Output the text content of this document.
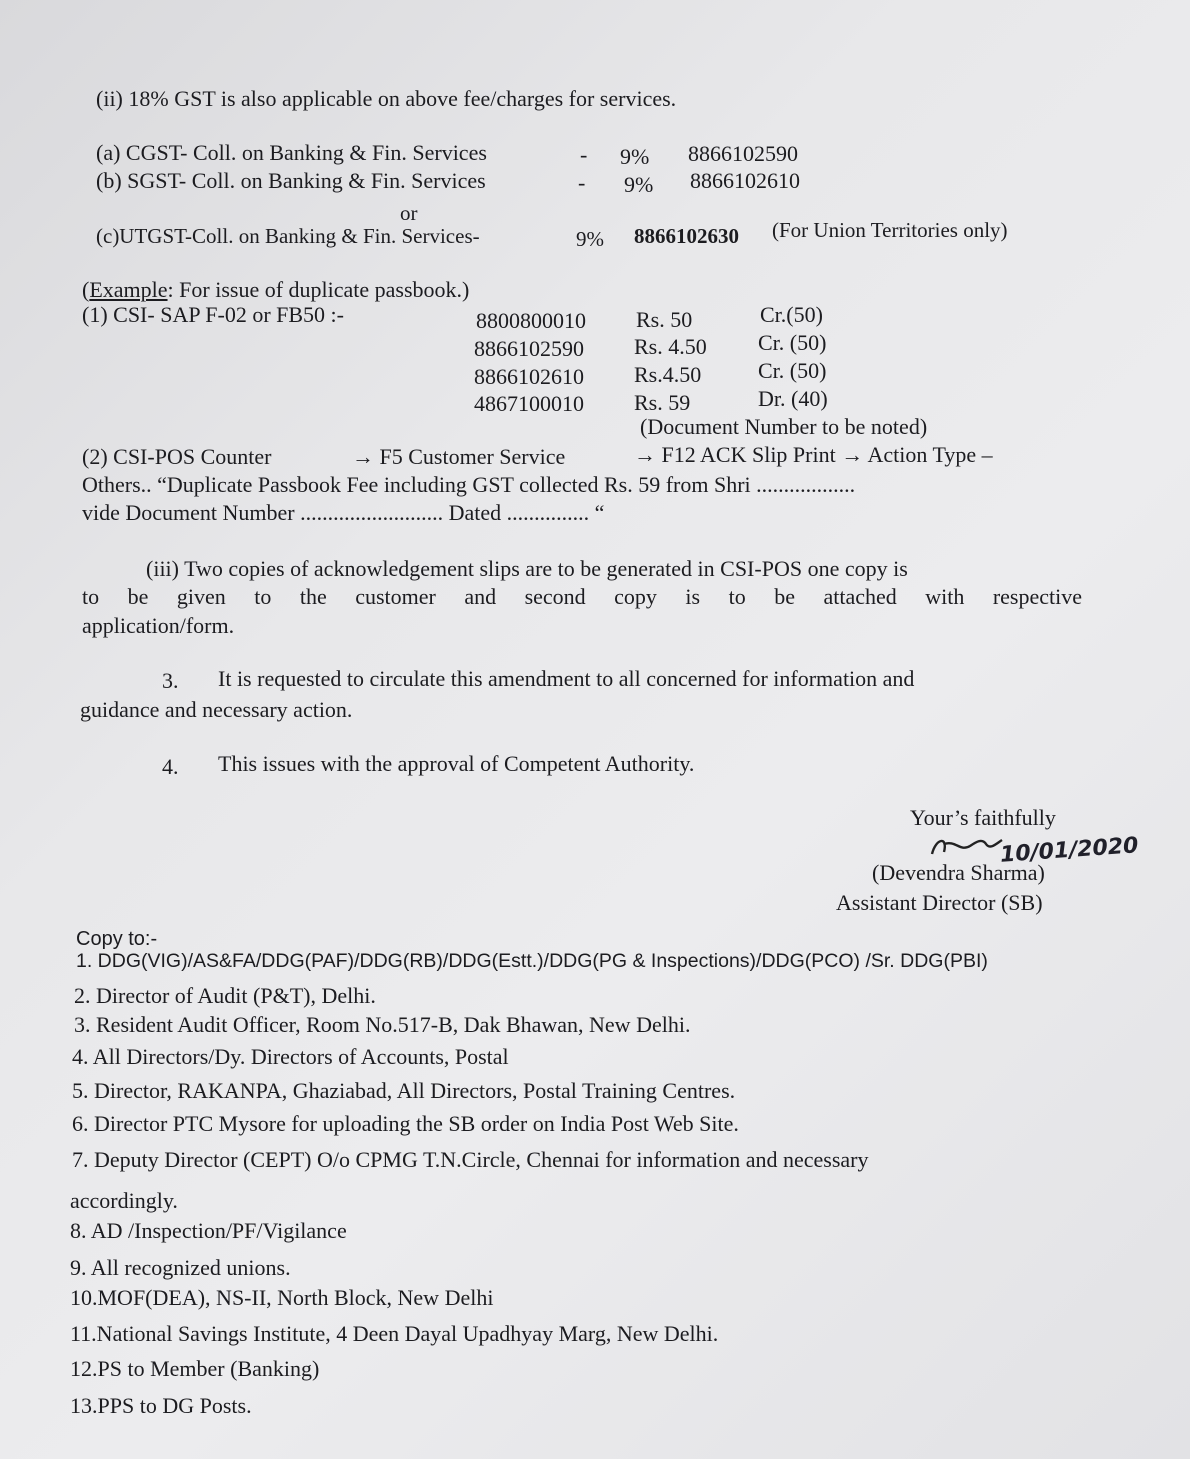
(ii) 18% GST is also applicable on above fee/charges for services.
(a) CGST- Coll. on Banking & Fin. Services	- 9% 8866102590
(b) SGST- Coll. on Banking & Fin. Services	- 9% 8866102610
or
(c)UTGST-Coll. on Banking & Fin. Services-	9% 8866102630 (For Union Territories only)
(Example: For issue of duplicate passbook.)
(1) CSI- SAP F-02 or FB50 :-	8800800010 Rs. 50	Cr.(50)
8866102590 Rs. 4.50 Cr. (50)
8866102610 Rs.4.50	Cr. (50)
4867100010 Rs. 59	Dr. (40)
(Document Number to be noted)
(2) CSI-POS Counter	→ F5 Customer Service	→ F12 ACK Slip Print → Action Type –
Others.. “Duplicate Passbook Fee including GST collected Rs. 59 from Shri ..................
vide Document Number .......................... Dated ............... “
(iii) Two copies of acknowledgement slips are to be generated in CSI-POS one copy is
to be given to the customer and second copy is to be attached with respective
application/form.
3. It is requested to circulate this amendment to all concerned for information and
guidance and necessary action.
4. This issues with the approval of Competent Authority.
Your’s faithfully
10/01/2020
(Devendra Sharma)
Assistant Director (SB)
Copy to:-
1. DDG(VIG)/AS&FA/DDG(PAF)/DDG(RB)/DDG(Estt.)/DDG(PG & Inspections)/DDG(PCO) /Sr. DDG(PBI)
2. Director of Audit (P&T), Delhi.
3. Resident Audit Officer, Room No.517-B, Dak Bhawan, New Delhi.
4. All Directors/Dy. Directors of Accounts, Postal
5. Director, RAKANPA, Ghaziabad, All Directors, Postal Training Centres.
6. Director PTC Mysore for uploading the SB order on India Post Web Site.
7. Deputy Director (CEPT) O/o CPMG T.N.Circle, Chennai for information and necessary
accordingly.
8. AD /Inspection/PF/Vigilance
9. All recognized unions.
10.MOF(DEA), NS-II, North Block, New Delhi
11.National Savings Institute, 4 Deen Dayal Upadhyay Marg, New Delhi.
12.PS to Member (Banking)
13.PPS to DG Posts.
